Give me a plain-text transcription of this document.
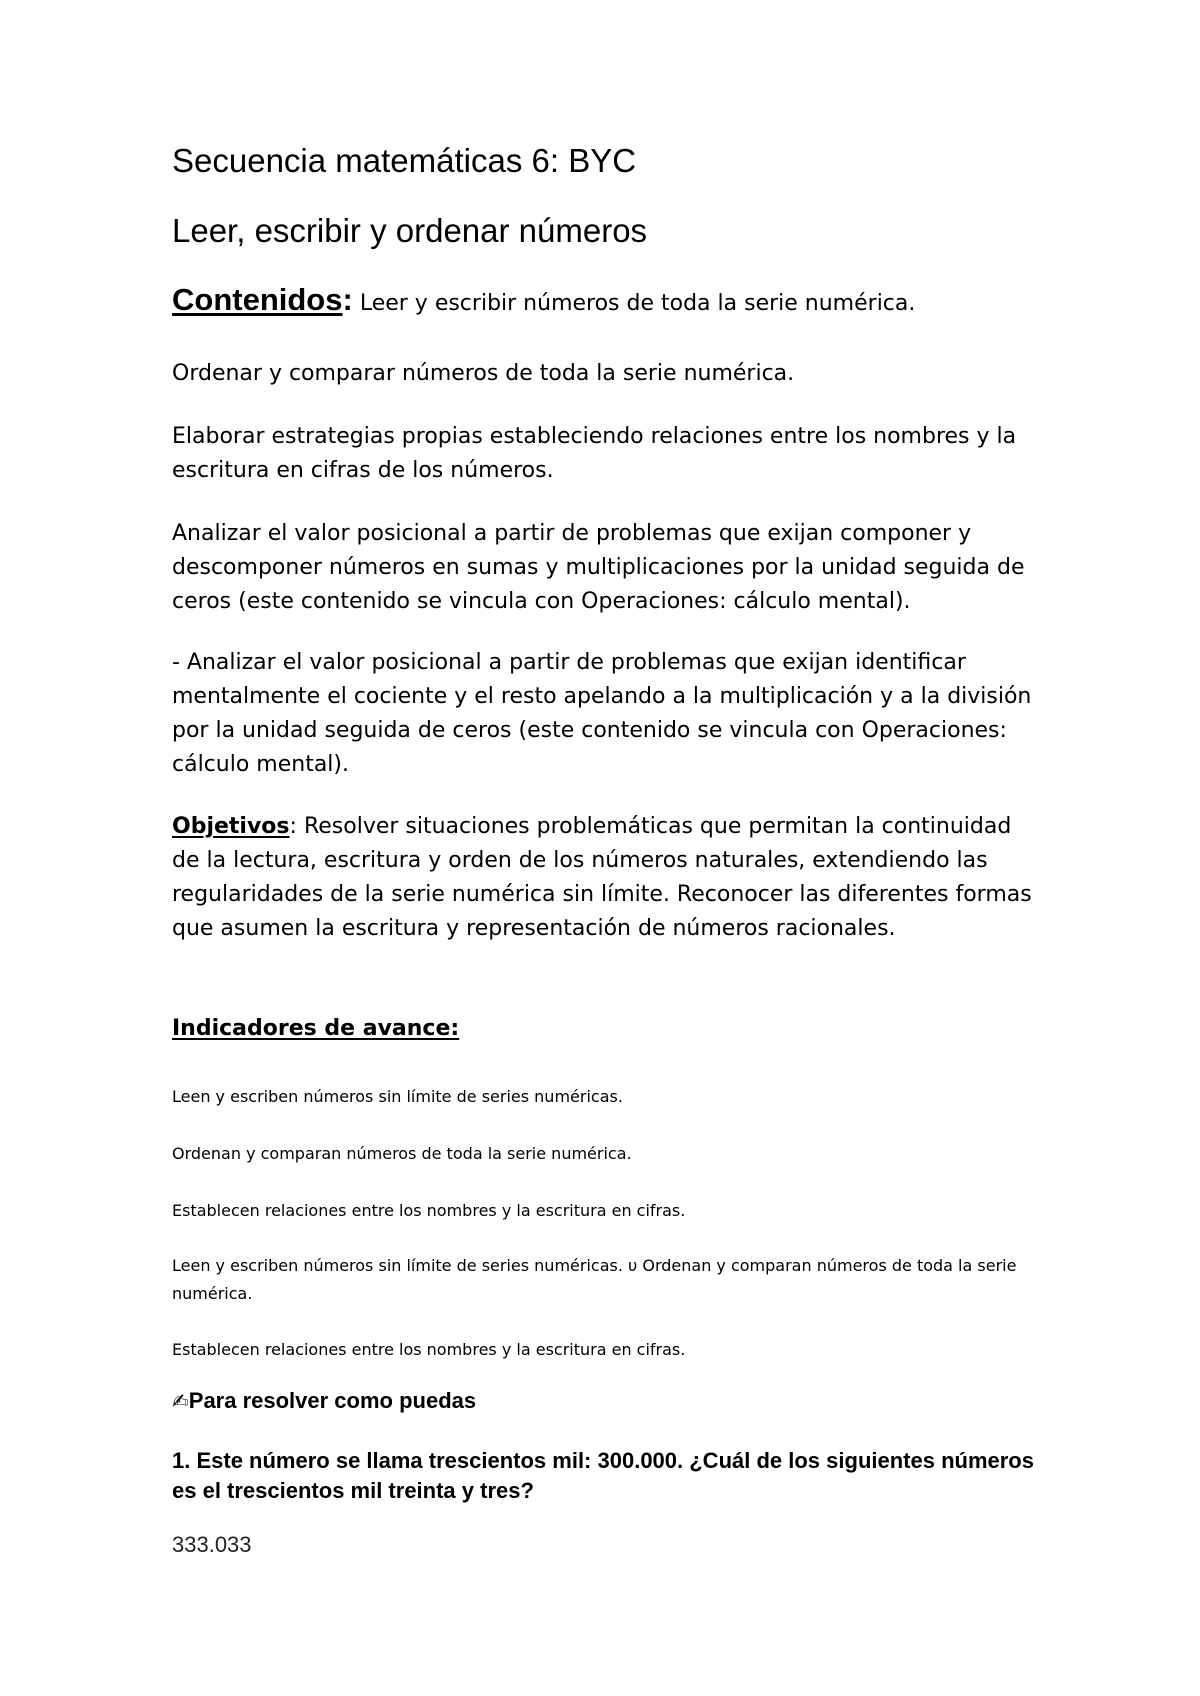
Secuencia matemáticas 6: BYC
Leer, escribir y ordenar números

Contenidos: Leer y escribir números de toda la serie numérica.

Ordenar y comparar números de toda la serie numérica.

Elaborar estrategias propias estableciendo relaciones entre los nombres y la escritura en cifras de los números.

Analizar el valor posicional a partir de problemas que exijan componer y descomponer números en sumas y multiplicaciones por la unidad seguida de ceros (este contenido se vincula con Operaciones: cálculo mental).

- Analizar el valor posicional a partir de problemas que exijan identificar mentalmente el cociente y el resto apelando a la multiplicación y a la división por la unidad seguida de ceros (este contenido se vincula con Operaciones: cálculo mental).

Objetivos: Resolver situaciones problemáticas que permitan la continuidad de la lectura, escritura y orden de los números naturales, extendiendo las regularidades de la serie numérica sin límite. Reconocer las diferentes formas que asumen la escritura y representación de números racionales.

Indicadores de avance:

Leen y escriben números sin límite de series numéricas.

Ordenan y comparan números de toda la serie numérica.

Establecen relaciones entre los nombres y la escritura en cifras.

Leen y escriben números sin límite de series numéricas. υ Ordenan y comparan números de toda la serie numérica.

Establecen relaciones entre los nombres y la escritura en cifras.

✍Para resolver como puedas

1. Este número se llama trescientos mil: 300.000. ¿Cuál de los siguientes números es el trescientos mil treinta y tres?

333.033
